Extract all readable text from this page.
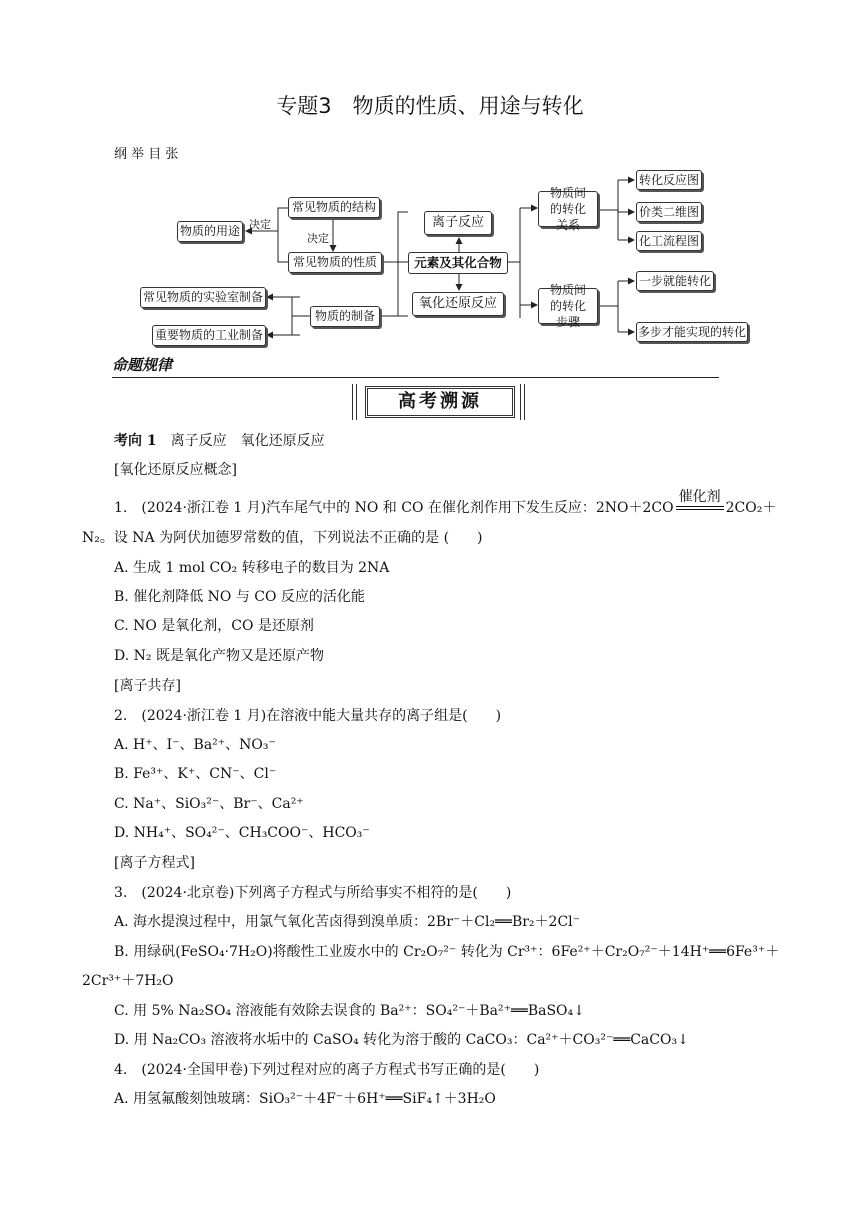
专题3　物质的性质、用途与转化
纲 举 目 张
物质的用途 决定
常见物质的结构
决定
常见物质的性质
物质的制备
常见物质的实验室制备
重要物质的工业制备
离子反应
元素及其化合物
氧化还原反应
物质间的转化关系
物质间的转化步骤
转化反应图
价类二维图
化工流程图
一步就能转化
多步才能实现的转化
命题规律
高考溯源
考向 1　 离子反应　氧化还原反应
[氧化还原反应概念]
1.　(2024·浙江卷 1 月)汽车尾气中的 NO 和 CO 在催化剂作用下发生反应：2NO＋2CO
催化剂
2CO₂＋
N₂。设 NA 为阿伏加德罗常数的值，下列说法不正确的是 (　　)
A. 生成 1 mol CO₂ 转移电子的数目为 2NA
B. 催化剂降低 NO 与 CO 反应的活化能
C. NO 是氧化剂，CO 是还原剂
D. N₂ 既是氧化产物又是还原产物
[离子共存]
2.　(2024·浙江卷 1 月)在溶液中能大量共存的离子组是(　　)
A. H⁺、I⁻、Ba²⁺、NO₃⁻
B. Fe³⁺、K⁺、CN⁻、Cl⁻
C. Na⁺、SiO₃²⁻、Br⁻、Ca²⁺
D. NH₄⁺、SO₄²⁻、CH₃COO⁻、HCO₃⁻
[离子方程式]
3.　(2024·北京卷)下列离子方程式与所给事实不相符的是(　　)
A. 海水提溴过程中，用氯气氧化苦卤得到溴单质：2Br⁻＋Cl₂══Br₂＋2Cl⁻
B. 用绿矾(FeSO₄·7H₂O)将酸性工业废水中的 Cr₂O₇²⁻ 转化为 Cr³⁺：6Fe²⁺＋Cr₂O₇²⁻＋14H⁺══6Fe³⁺＋
2Cr³⁺＋7H₂O
C. 用 5% Na₂SO₄ 溶液能有效除去误食的 Ba²⁺：SO₄²⁻＋Ba²⁺══BaSO₄↓
D. 用 Na₂CO₃ 溶液将水垢中的 CaSO₄ 转化为溶于酸的 CaCO₃：Ca²⁺＋CO₃²⁻══CaCO₃↓
4.　(2024·全国甲卷)下列过程对应的离子方程式书写正确的是(　　)
A. 用氢氟酸刻蚀玻璃：SiO₃²⁻＋4F⁻＋6H⁺══SiF₄↑＋3H₂O
